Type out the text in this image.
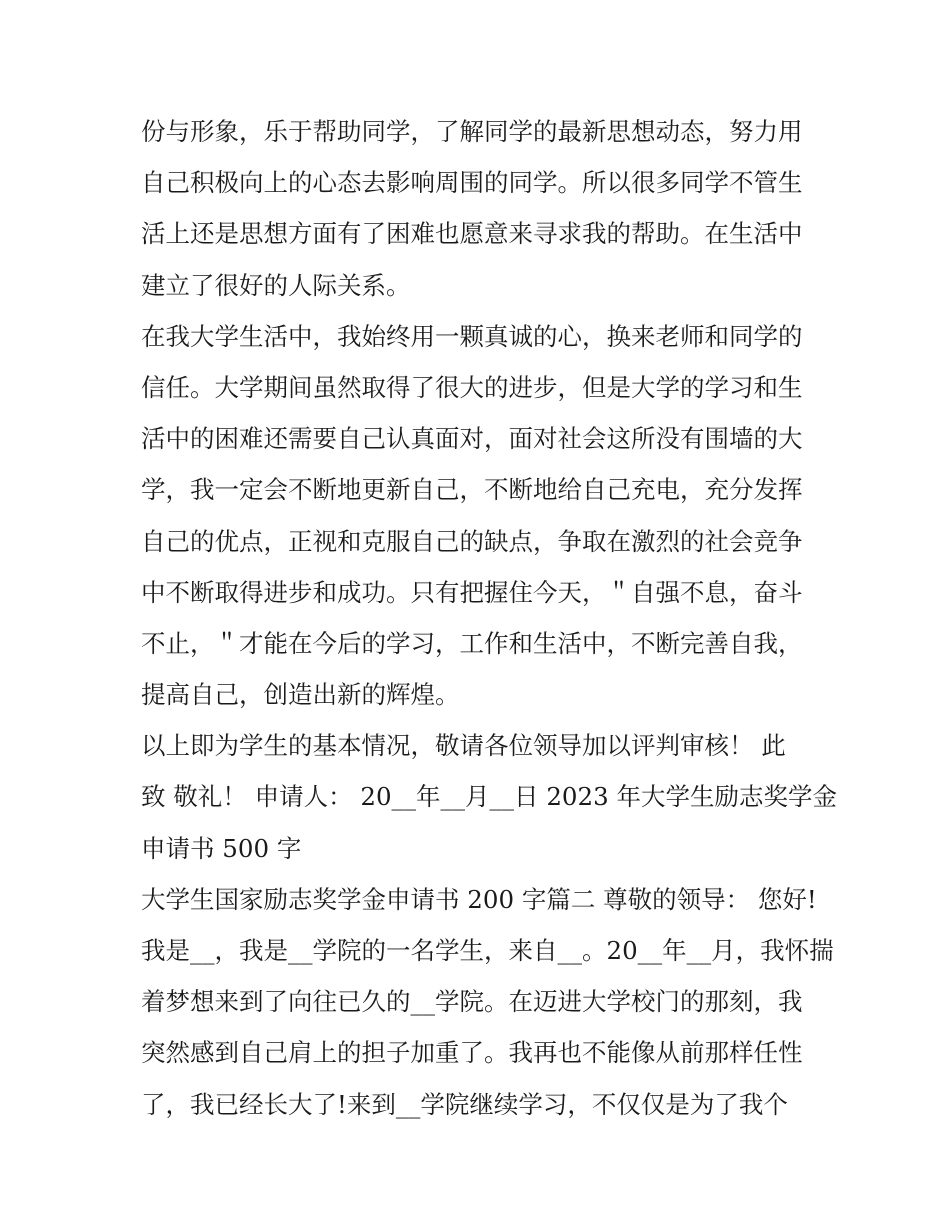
份与形象，乐于帮助同学，了解同学的最新思想动态，努力用
自己积极向上的心态去影响周围的同学。所以很多同学不管生
活上还是思想方面有了困难也愿意来寻求我的帮助。在生活中
建立了很好的人际关系。
在我大学生活中，我始终用一颗真诚的心，换来老师和同学的
信任。大学期间虽然取得了很大的进步，但是大学的学习和生
活中的困难还需要自己认真面对，面对社会这所没有围墙的大
学，我一定会不断地更新自己，不断地给自己充电，充分发挥
自己的优点，正视和克服自己的缺点，争取在激烈的社会竞争
中不断取得进步和成功。只有把握住今天，＂自强不息，奋斗
不止，＂才能在今后的学习，工作和生活中，不断完善自我，
提高自己，创造出新的辉煌。
以上即为学生的基本情况，敬请各位领导加以评判审核！ 此
致 敬礼！ 申请人： 20__年__月__日 2023 年大学生励志奖学金
申请书 500 字
大学生国家励志奖学金申请书 200 字篇二 尊敬的领导： 您好!
我是__，我是__学院的一名学生，来自__。20__年__月，我怀揣
着梦想来到了向往已久的__学院。在迈进大学校门的那刻，我
突然感到自己肩上的担子加重了。我再也不能像从前那样任性
了，我已经长大了!来到__学院继续学习，不仅仅是为了我个
